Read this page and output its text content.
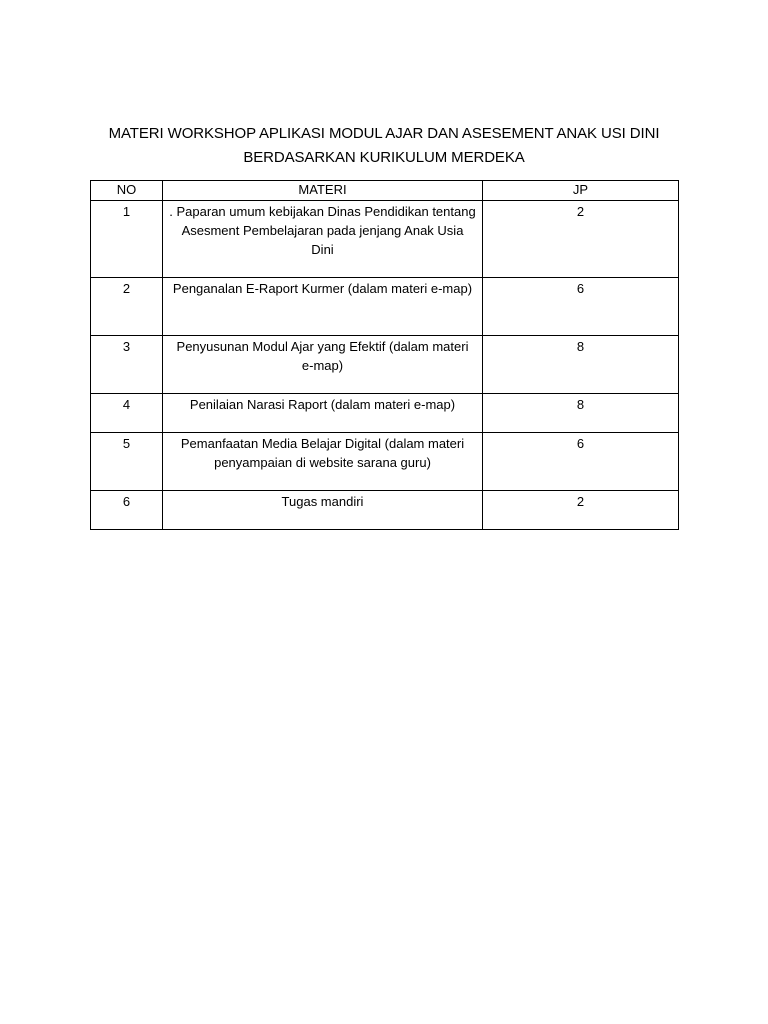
MATERI WORKSHOP APLIKASI MODUL AJAR DAN ASESEMENT ANAK USI DINI
BERDASARKAN KURIKULUM MERDEKA
NO	MATERI	JP
1	. Paparan umum kebijakan Dinas Pendidikan tentang Asesment Pembelajaran pada jenjang Anak Usia Dini	2
2	Penganalan E-Raport Kurmer (dalam materi e-map)	6
3	Penyusunan Modul Ajar yang Efektif (dalam materi e-map)	8
4	Penilaian Narasi Raport (dalam materi e-map)	8
5	Pemanfaatan Media Belajar Digital (dalam materi penyampaian di website sarana guru)	6
6	Tugas mandiri	2
